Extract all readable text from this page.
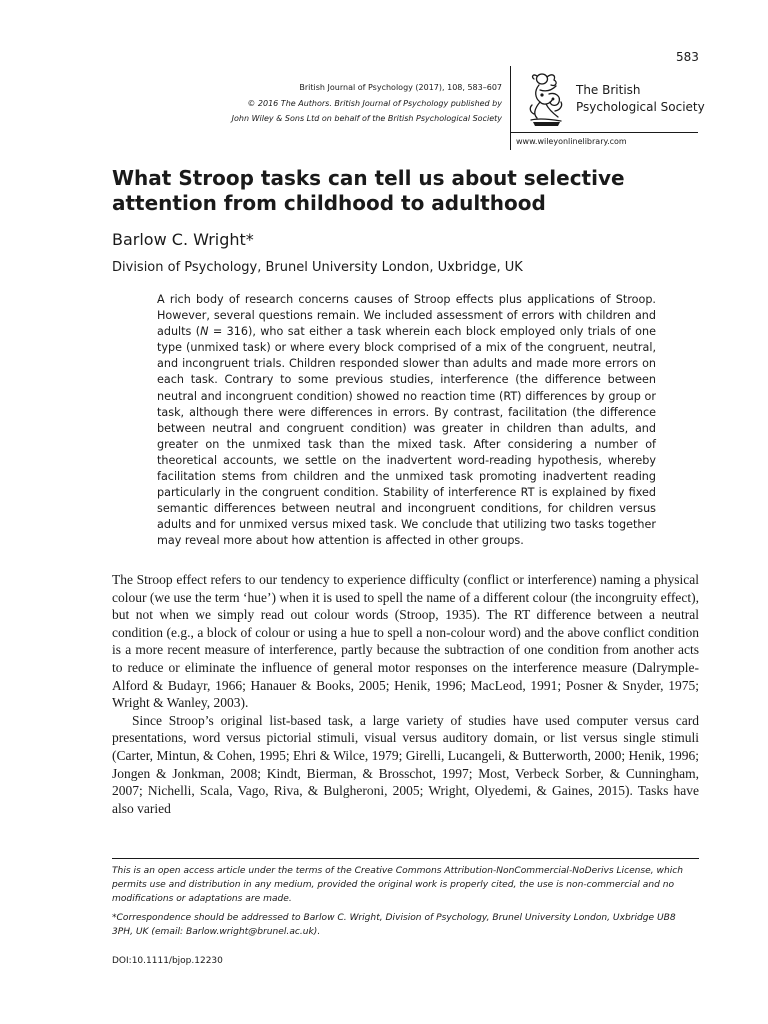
583
British Journal of Psychology (2017), 108, 583–607
© 2016 The Authors. British Journal of Psychology published by
John Wiley & Sons Ltd on behalf of the British Psychological Society
The British
Psychological Society
www.wileyonlinelibrary.com
What Stroop tasks can tell us about selective attention from childhood to adulthood
Barlow C. Wright*
Division of Psychology, Brunel University London, Uxbridge, UK
A rich body of research concerns causes of Stroop effects plus applications of Stroop. However, several questions remain. We included assessment of errors with children and adults (N = 316), who sat either a task wherein each block employed only trials of one type (unmixed task) or where every block comprised of a mix of the congruent, neutral, and incongruent trials. Children responded slower than adults and made more errors on each task. Contrary to some previous studies, interference (the difference between neutral and incongruent condition) showed no reaction time (RT) differences by group or task, although there were differences in errors. By contrast, facilitation (the difference between neutral and congruent condition) was greater in children than adults, and greater on the unmixed task than the mixed task. After considering a number of theoretical accounts, we settle on the inadvertent word-reading hypothesis, whereby facilitation stems from children and the unmixed task promoting inadvertent reading particularly in the congruent condition. Stability of interference RT is explained by fixed semantic differences between neutral and incongruent conditions, for children versus adults and for unmixed versus mixed task. We conclude that utilizing two tasks together may reveal more about how attention is affected in other groups.

The Stroop effect refers to our tendency to experience difficulty (conflict or interference) naming a physical colour (we use the term ‘hue’) when it is used to spell the name of a different colour (the incongruity effect), but not when we simply read out colour words (Stroop, 1935). The RT difference between a neutral condition (e.g., a block of colour or using a hue to spell a non-colour word) and the above conflict condition is a more recent measure of interference, partly because the subtraction of one condition from another acts to reduce or eliminate the influence of general motor responses on the interference measure (Dalrymple-Alford & Budayr, 1966; Hanauer & Books, 2005; Henik, 1996; MacLeod, 1991; Posner & Snyder, 1975; Wright & Wanley, 2003).

Since Stroop’s original list-based task, a large variety of studies have used computer versus card presentations, word versus pictorial stimuli, visual versus auditory domain, or list versus single stimuli (Carter, Mintun, & Cohen, 1995; Ehri & Wilce, 1979; Girelli, Lucangeli, & Butterworth, 2000; Henik, 1996; Jongen & Jonkman, 2008; Kindt, Bierman, & Brosschot, 1997; Most, Verbeck Sorber, & Cunningham, 2007; Nichelli, Scala, Vago, Riva, & Bulgheroni, 2005; Wright, Olyedemi, & Gaines, 2015). Tasks have also varied

This is an open access article under the terms of the Creative Commons Attribution-NonCommercial-NoDerivs License, which permits use and distribution in any medium, provided the original work is properly cited, the use is non-commercial and no modifications or adaptations are made.

*Correspondence should be addressed to Barlow C. Wright, Division of Psychology, Brunel University London, Uxbridge UB8 3PH, UK (email: Barlow.wright@brunel.ac.uk).

DOI:10.1111/bjop.12230
